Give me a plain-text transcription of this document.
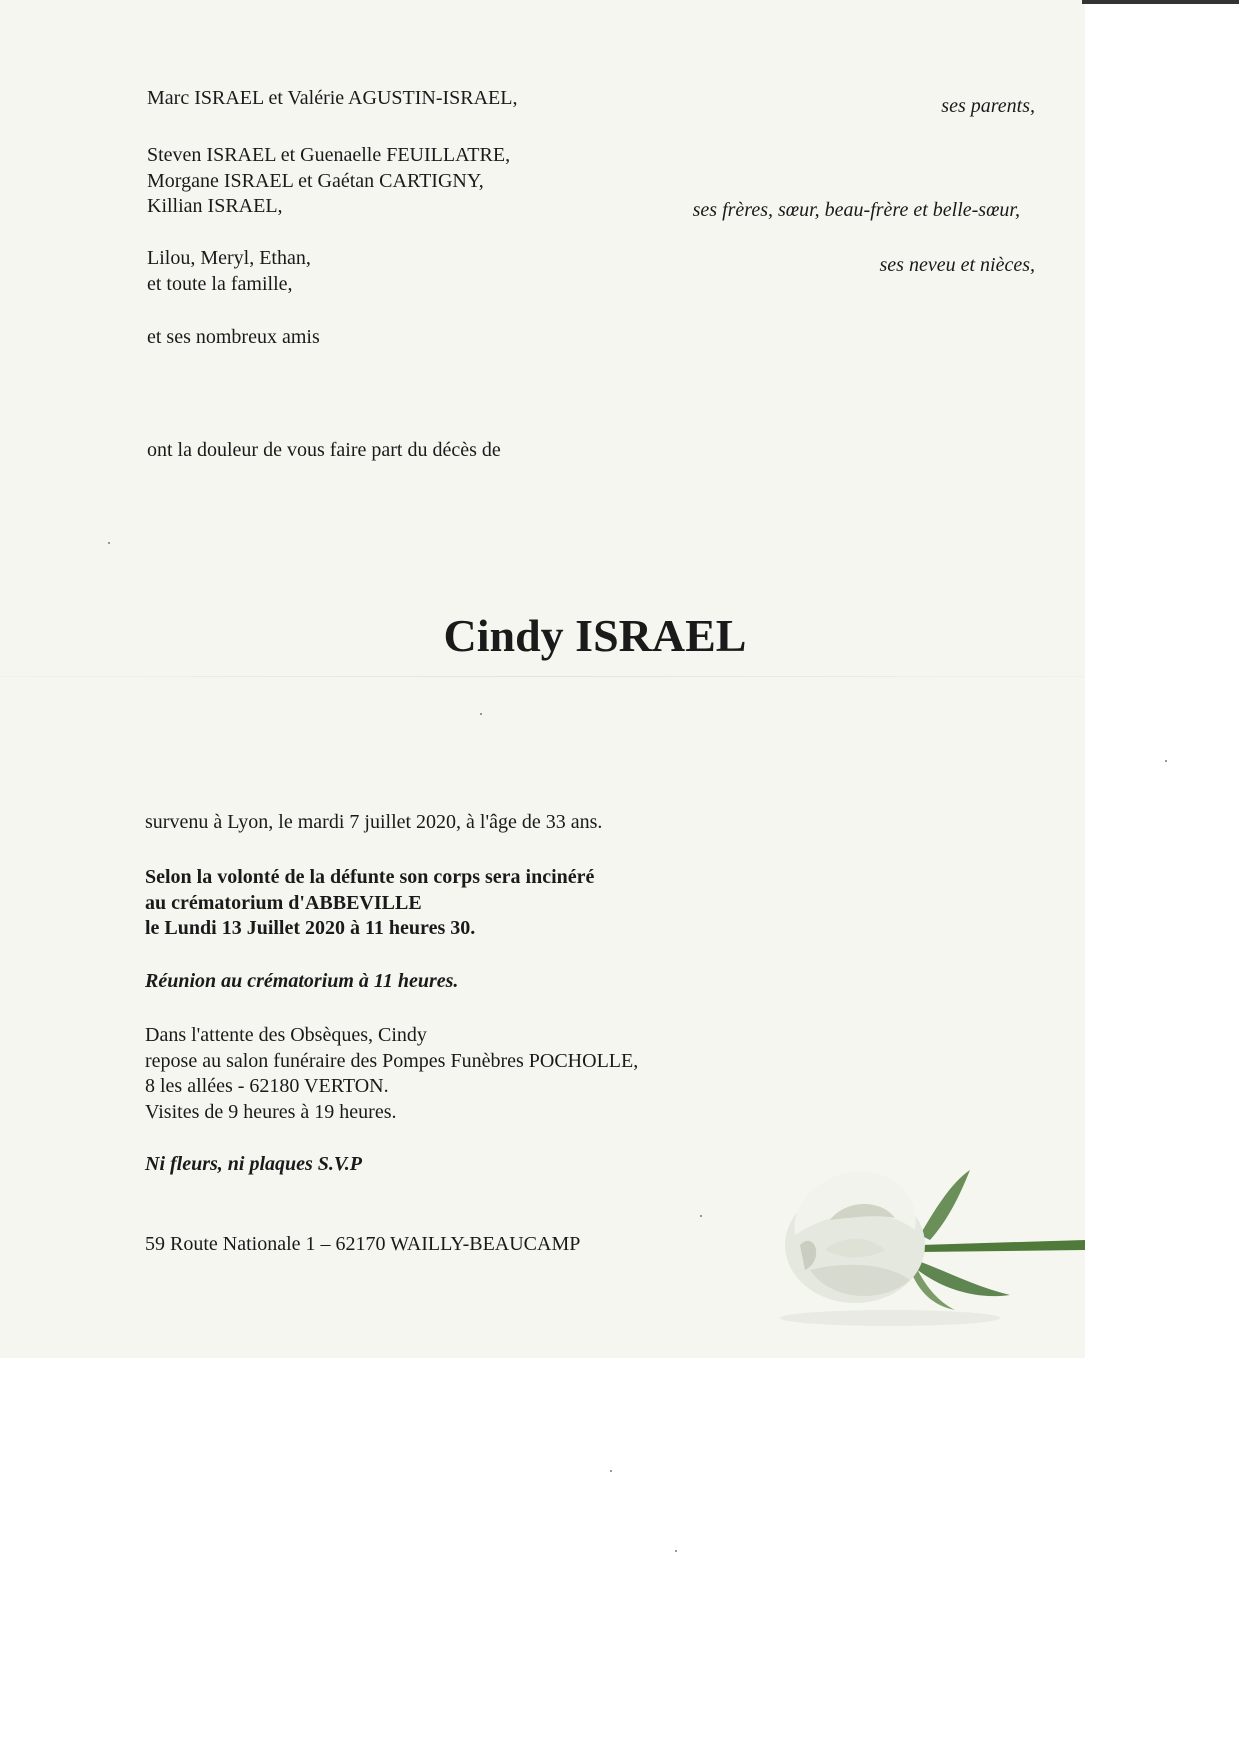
Marc ISRAEL et Valérie AGUSTIN-ISRAEL,	ses parents,
Steven ISRAEL et Guenaelle FEUILLATRE,
Morgane ISRAEL et Gaétan CARTIGNY,
Killian ISRAEL,	ses frères, sœur, beau-frère et belle-sœur,
Lilou, Meryl, Ethan,
et toute la famille,
ses neveu et nièces,
et ses nombreux amis
ont la douleur de vous faire part du décès de
Cindy ISRAEL
survenu à Lyon, le mardi 7 juillet 2020, à l'âge de 33 ans.
Selon la volonté de la défunte son corps sera incinéré
au crématorium d'ABBEVILLE
le Lundi 13 Juillet 2020 à 11 heures 30.
Réunion au crématorium à 11 heures.
Dans l'attente des Obsèques, Cindy
repose au salon funéraire des Pompes Funèbres POCHOLLE,
8 les allées - 62180 VERTON.
Visites de 9 heures à 19 heures.
Ni fleurs, ni plaques S.V.P
59 Route Nationale 1 – 62170 WAILLY-BEAUCAMP
